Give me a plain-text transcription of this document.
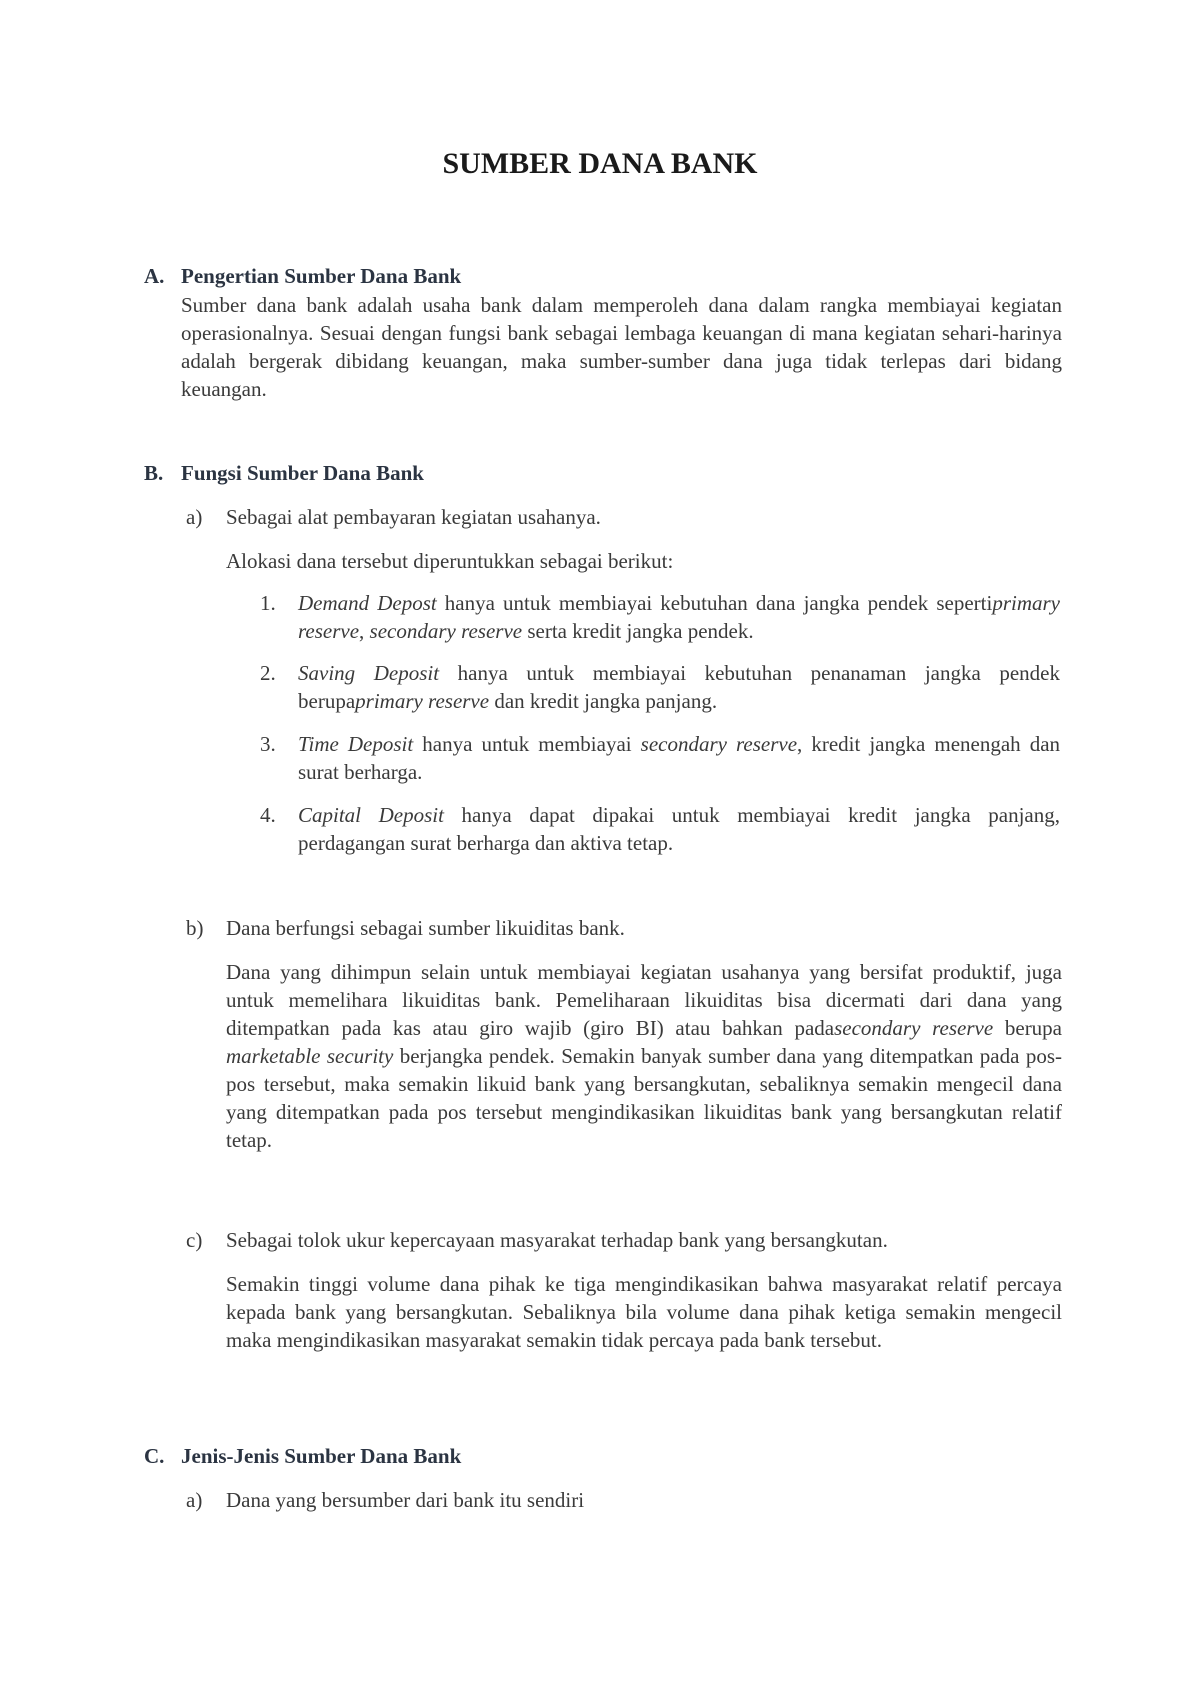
SUMBER DANA BANK
A. Pengertian Sumber Dana Bank
Sumber dana bank adalah usaha bank dalam memperoleh dana dalam rangka membiayai kegiatan operasionalnya. Sesuai dengan fungsi bank sebagai lembaga keuangan di mana kegiatan sehari-harinya adalah bergerak dibidang keuangan, maka sumber-sumber dana juga tidak terlepas dari bidang keuangan.
B. Fungsi Sumber Dana Bank
a) Sebagai alat pembayaran kegiatan usahanya.
Alokasi dana tersebut diperuntukkan sebagai berikut:
1.	Demand Depost hanya untuk membiayai kebutuhan dana jangka pendek sepertiprimary reserve, secondary reserve serta kredit jangka pendek.
2.	Saving Deposit hanya untuk membiayai kebutuhan penanaman jangka pendek berupaprimary reserve dan kredit jangka panjang.
3.	Time Deposit hanya untuk membiayai secondary reserve, kredit jangka menengah dan surat berharga.
4.	Capital Deposit hanya dapat dipakai untuk membiayai kredit jangka panjang, perdagangan surat berharga dan aktiva tetap.
b) Dana berfungsi sebagai sumber likuiditas bank.
Dana yang dihimpun selain untuk membiayai kegiatan usahanya yang bersifat produktif, juga untuk memelihara likuiditas bank. Pemeliharaan likuiditas bisa dicermati dari dana yang ditempatkan pada kas atau giro wajib (giro BI) atau bahkan padasecondary reserve berupa marketable security berjangka pendek. Semakin banyak sumber dana yang ditempatkan pada pos-pos tersebut, maka semakin likuid bank yang bersangkutan, sebaliknya semakin mengecil dana yang ditempatkan pada pos tersebut mengindikasikan likuiditas bank yang bersangkutan relatif tetap.
c) Sebagai tolok ukur kepercayaan masyarakat terhadap bank yang bersangkutan.
Semakin tinggi volume dana pihak ke tiga mengindikasikan bahwa masyarakat relatif percaya kepada bank yang bersangkutan. Sebaliknya bila volume dana pihak ketiga semakin mengecil maka mengindikasikan masyarakat semakin tidak percaya pada bank tersebut.
C. Jenis-Jenis Sumber Dana Bank
a) Dana yang bersumber dari bank itu sendiri
